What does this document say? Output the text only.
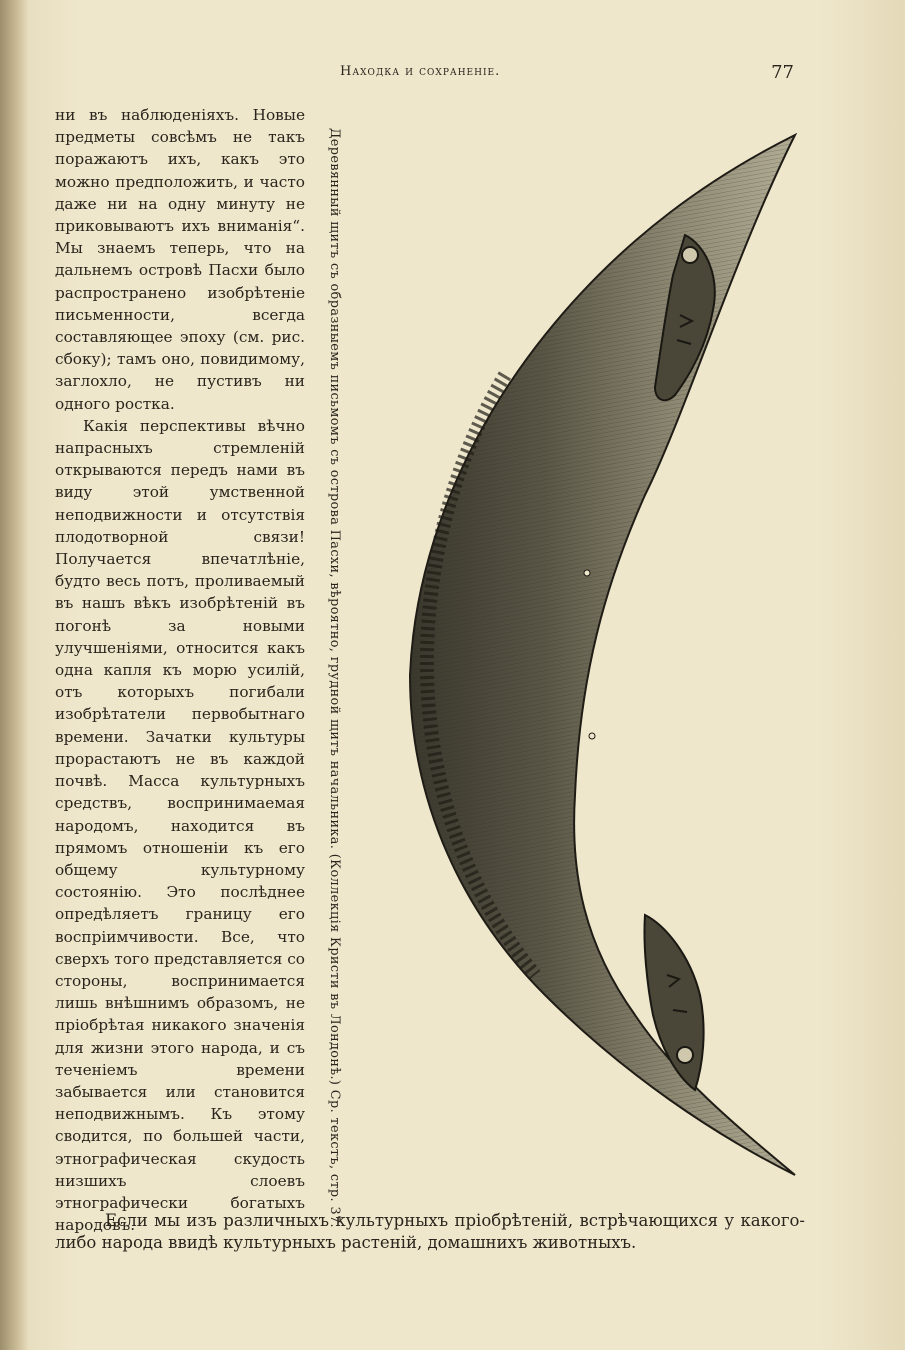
Находка и сохраненіе.	77

ни въ наблюденіяхъ. Новые предметы совсѣмъ не такъ поражаютъ ихъ, какъ это можно предположить, и часто даже ни на одну минуту не приковываютъ ихъ вниманія“. Мы знаемъ теперь, что на дальнемъ островѣ Пасхи было распространено изобрѣтеніе письменности, всегда составляющее эпоху (см. рис. сбоку); тамъ оно, повидимому, заглохло, не пустивъ ни одного ростка.

Какія перспективы вѣчно напрасныхъ стремленій открываются передъ нами въ виду этой умственной неподвижности и отсутствія плодотворной связи! Получается впечатлѣніе, будто весь потъ, проливаемый въ нашъ вѣкъ изобрѣтеній въ погонѣ за новыми улучшеніями, относится какъ одна капля къ морю усилій, отъ которыхъ погибали изобрѣтатели первобытнаго времени. Зачатки культуры прорастаютъ не въ каждой почвѣ. Масса культурныхъ средствъ, воспринимаемая народомъ, находится въ прямомъ отношеніи къ его общему культурному состоянію. Это послѣднее опредѣляетъ границу его воспріимчивости. Все, что сверхъ того представляется со стороны, воспринимается лишь внѣшнимъ образомъ, не пріобрѣтая никакого значенія для жизни этого народа, и съ теченіемъ времени забывается или становится неподвижнымъ. Къ этому сводится, по большей части, этнографическая скудость низшихъ слоевъ этнографически богатыхъ народовъ.	Деревянный щитъ съ образныемъ письмомъ съ острова Пасхи, вѣроятно, грудной щитъ начальника. (Коллекція Кристи въ Лондонѣ.) Ср. текстъ, стр. 37.

Если мы изъ различныхъ культурныхъ пріобрѣтеній, встрѣчающихся у какого-либо народа ввидѣ культурныхъ растеній, домашнихъ животныхъ.
